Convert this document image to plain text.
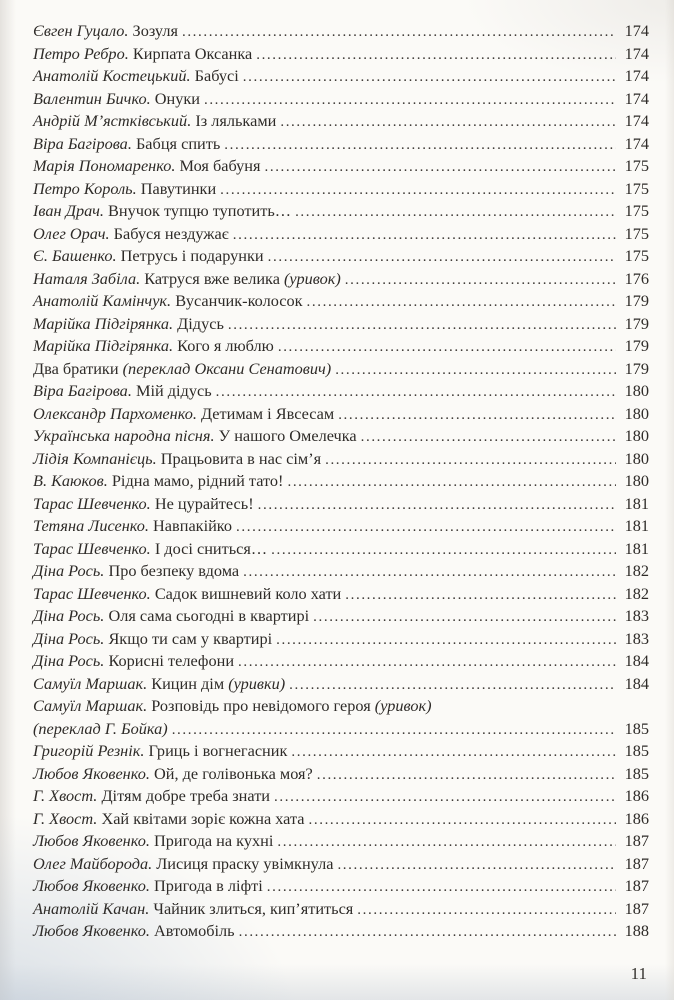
Євген Гуцало. Зозуля .....	174
Петро Ребро. Кирпата Оксанка .....	174
Анатолій Костецький. Бабусі .....	174
Валентин Бичко. Онуки .....	174
Андрій М’ястківський. Із ляльками .....	174
Віра Багірова. Бабця спить .....	174
Марія Пономаренко. Моя бабуня .....	175
Петро Король. Павутинки .....	175
Іван Драч. Внучок тупцю тупотить… .....	175
Олег Орач. Бабуся нездужає .....	175
Є. Башенко. Петрусь і подарунки .....	175
Наталя Забіла. Катруся вже велика (уривок) .....	176
Анатолій Камінчук. Вусанчик-колосок .....	179
Марійка Підгірянка. Дідусь .....	179
Марійка Підгірянка. Кого я люблю .....	179
Два братики (переклад Оксани Сенатович) .....	179
Віра Багірова. Мій дідусь .....	180
Олександр Пархоменко. Детимам і Явсесам .....	180
Українська народна пісня. У нашого Омелечка .....	180
Лідія Компанієць. Працьовита в нас сім’я .....	180
В. Каюков. Рідна мамо, рідний тато! .....	180
Тарас Шевченко. Не цурайтесь! .....	181
Тетяна Лисенко. Навпакійко .....	181
Тарас Шевченко. І досі сниться… .....	181
Діна Рось. Про безпеку вдома .....	182
Тарас Шевченко. Садок вишневий коло хати .....	182
Діна Рось. Оля сама сьогодні в квартирі .....	183
Діна Рось. Якщо ти сам у квартирі .....	183
Діна Рось. Корисні телефони .....	184
Самуїл Маршак. Кицин дім (уривки) .....	184
Самуїл Маршак. Розповідь про невідомого героя (уривок)
(переклад Г. Бойка) .....	185
Григорій Резнік. Гриць і вогнегасник .....	185
Любов Яковенко. Ой, де голівонька моя? .....	185
Г. Хвост. Дітям добре треба знати .....	186
Г. Хвост. Хай квітами зоріє кожна хата .....	186
Любов Яковенко. Пригода на кухні .....	187
Олег Майборода. Лисиця праску увімкнула .....	187
Любов Яковенко. Пригода в ліфті .....	187
Анатолій Качан. Чайник злиться, кип’ятиться .....	187
Любов Яковенко. Автомобіль .....	188
11
